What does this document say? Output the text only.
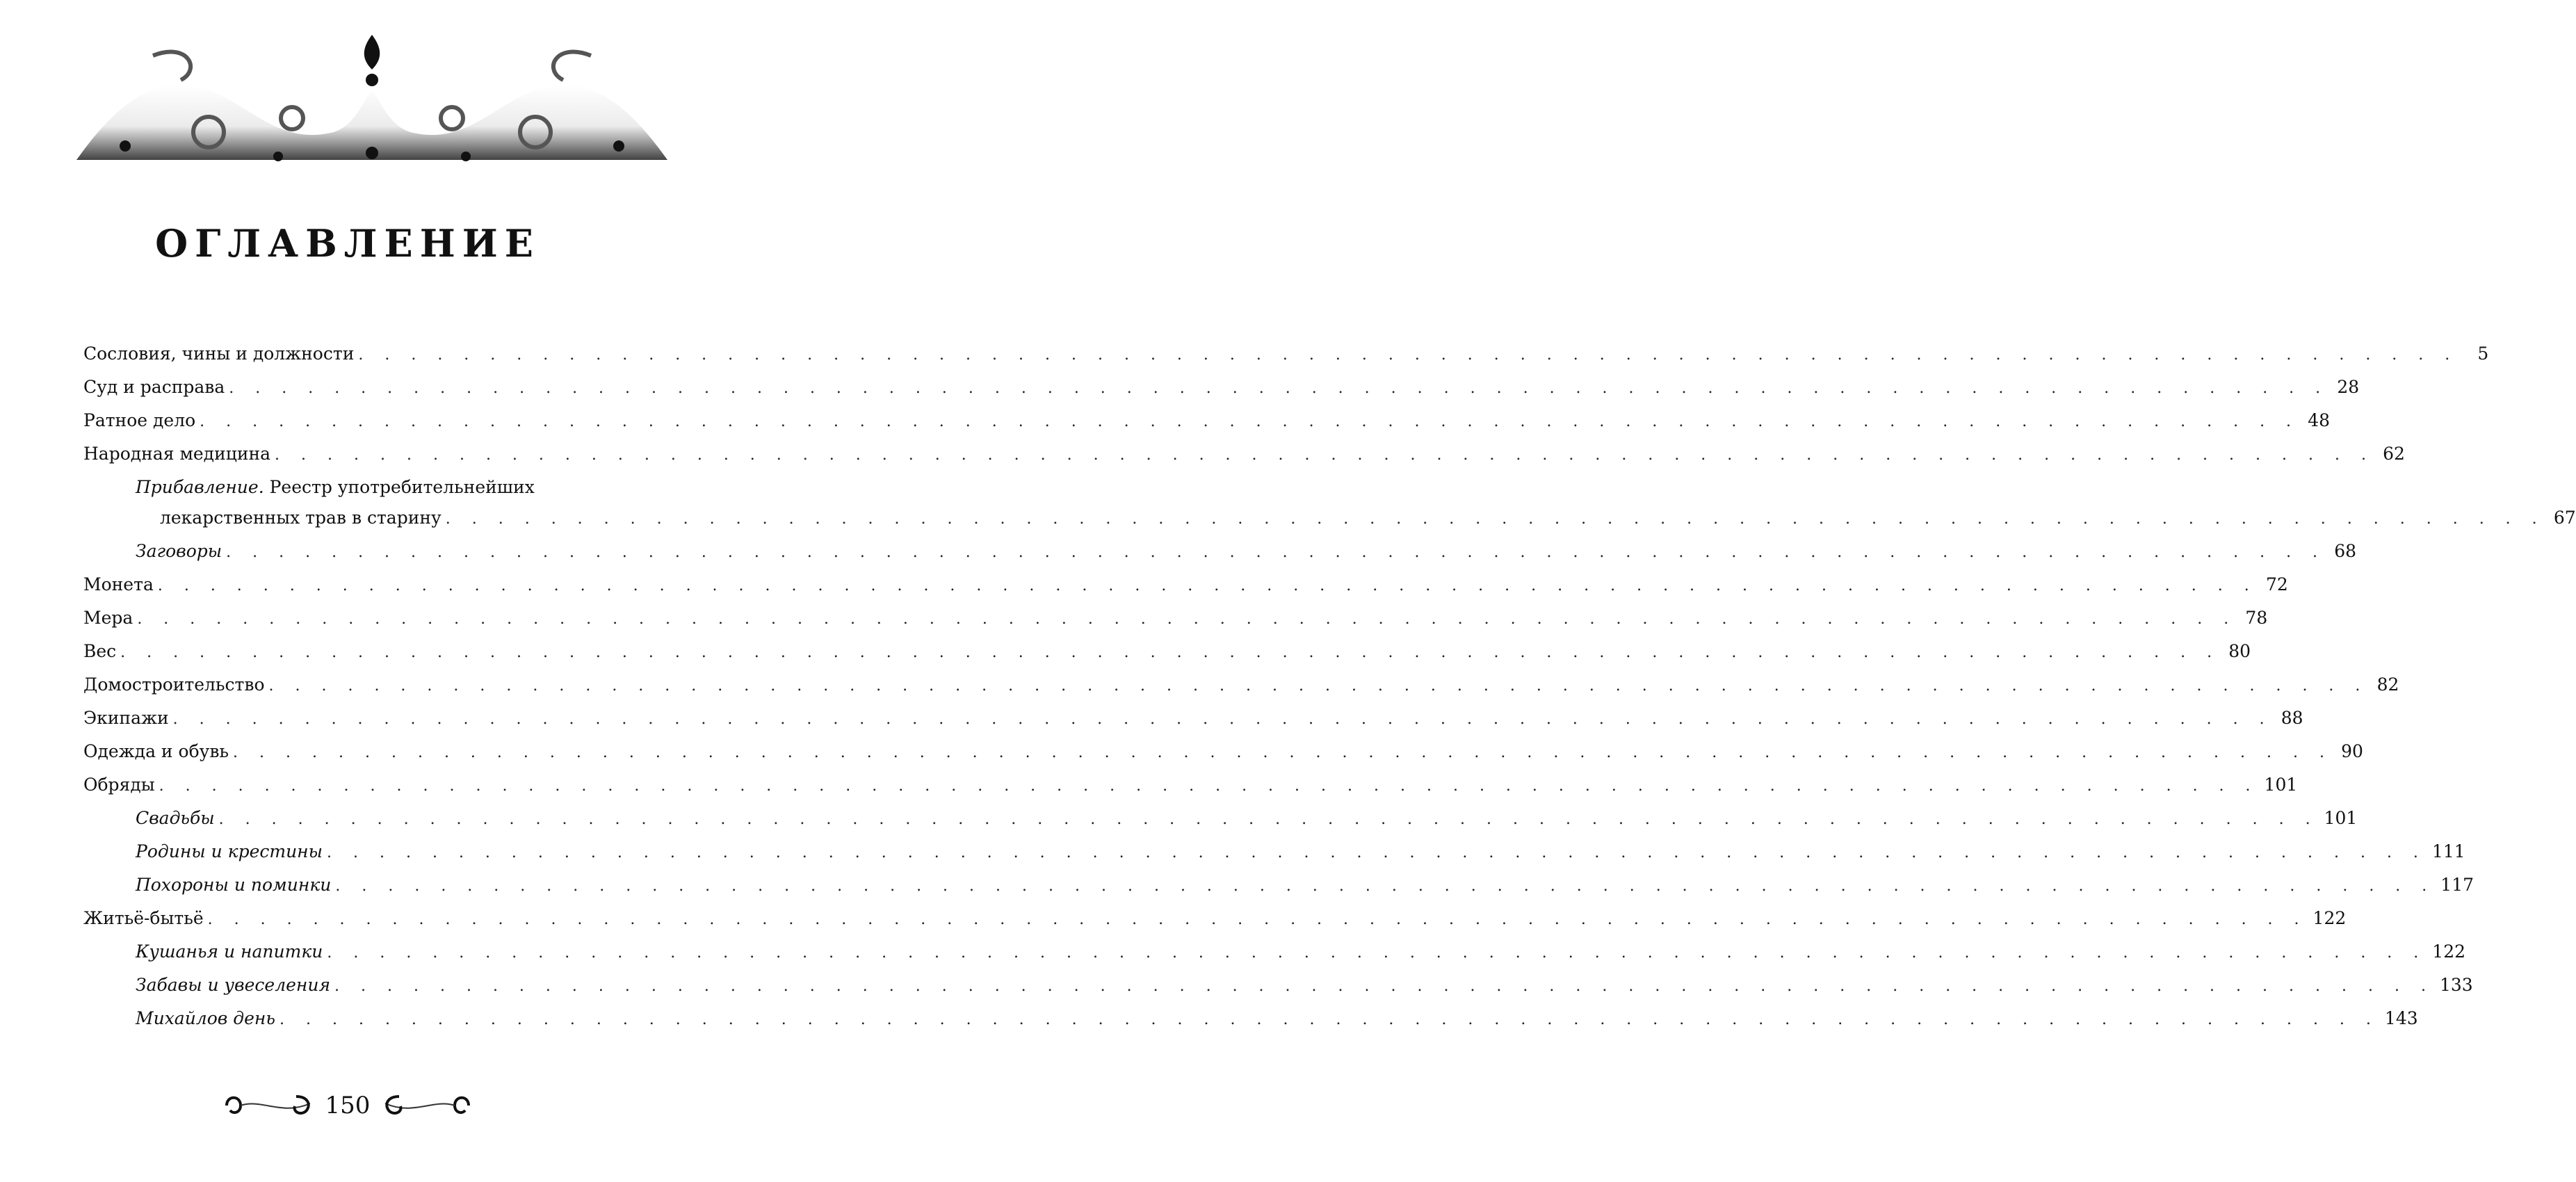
ОГЛАВЛЕНИЕ
Сословия, чины и должности . . . . . . . . . . . . . . . . . . . . . . . . . . . . . . . . . . . . . . . . . . . . . . . . . . . . . . . . . . . . . . . . . . . . . . . . . . . . . . . .	5
Суд и расправа . . . . . . . . . . . . . . . . . . . . . . . . . . . . . . . . . . . . . . . . . . . . . . . . . . . . . . . . . . . . . . . . . . . . . . . . . . . . . . . . 28
Ратное дело . . . . . . . . . . . . . . . . . . . . . . . . . . . . . . . . . . . . . . . . . . . . . . . . . . . . . . . . . . . . . . . . . . . . . . . . . . . . . . . . 48
Народная медицина . . . . . . . . . . . . . . . . . . . . . . . . . . . . . . . . . . . . . . . . . . . . . . . . . . . . . . . . . . . . . . . . . . . . . . . . . . . . . . . . 62
Прибавление. Реестр употребительнейших
лекарственных трав в старину . . . . . . . . . . . . . . . . . . . . . . . . . . . . . . . . . . . . . . . . . . . . . . . . . . . . . . . . . . . . . . . . . . . . . . . . . . . . . . . . 67
Заговоры . . . . . . . . . . . . . . . . . . . . . . . . . . . . . . . . . . . . . . . . . . . . . . . . . . . . . . . . . . . . . . . . . . . . . . . . . . . . . . . . 68
Монета . . . . . . . . . . . . . . . . . . . . . . . . . . . . . . . . . . . . . . . . . . . . . . . . . . . . . . . . . . . . . . . . . . . . . . . . . . . . . . . . 72
Мера . . . . . . . . . . . . . . . . . . . . . . . . . . . . . . . . . . . . . . . . . . . . . . . . . . . . . . . . . . . . . . . . . . . . . . . . . . . . . . . . 78
Вес . . . . . . . . . . . . . . . . . . . . . . . . . . . . . . . . . . . . . . . . . . . . . . . . . . . . . . . . . . . . . . . . . . . . . . . . . . . . . . . . 80
Домостроительство . . . . . . . . . . . . . . . . . . . . . . . . . . . . . . . . . . . . . . . . . . . . . . . . . . . . . . . . . . . . . . . . . . . . . . . . . . . . . . . . 82
Экипажи . . . . . . . . . . . . . . . . . . . . . . . . . . . . . . . . . . . . . . . . . . . . . . . . . . . . . . . . . . . . . . . . . . . . . . . . . . . . . . . . 88
Одежда и обувь . . . . . . . . . . . . . . . . . . . . . . . . . . . . . . . . . . . . . . . . . . . . . . . . . . . . . . . . . . . . . . . . . . . . . . . . . . . . . . . . 90
Обряды . . . . . . . . . . . . . . . . . . . . . . . . . . . . . . . . . . . . . . . . . . . . . . . . . . . . . . . . . . . . . . . . . . . . . . . . . . . . . . . . 101
Свадьбы . . . . . . . . . . . . . . . . . . . . . . . . . . . . . . . . . . . . . . . . . . . . . . . . . . . . . . . . . . . . . . . . . . . . . . . . . . . . . . . . 101
Родины и крестины . . . . . . . . . . . . . . . . . . . . . . . . . . . . . . . . . . . . . . . . . . . . . . . . . . . . . . . . . . . . . . . . . . . . . . . . . . . . . . . . 111
Похороны и поминки . . . . . . . . . . . . . . . . . . . . . . . . . . . . . . . . . . . . . . . . . . . . . . . . . . . . . . . . . . . . . . . . . . . . . . . . . . . . . . . . 117
Житьё-бытьё . . . . . . . . . . . . . . . . . . . . . . . . . . . . . . . . . . . . . . . . . . . . . . . . . . . . . . . . . . . . . . . . . . . . . . . . . . . . . . . . 122
Кушанья и напитки . . . . . . . . . . . . . . . . . . . . . . . . . . . . . . . . . . . . . . . . . . . . . . . . . . . . . . . . . . . . . . . . . . . . . . . . . . . . . . . . 122
Забавы и увеселения . . . . . . . . . . . . . . . . . . . . . . . . . . . . . . . . . . . . . . . . . . . . . . . . . . . . . . . . . . . . . . . . . . . . . . . . . . . . . . . . 133
Михайлов день . . . . . . . . . . . . . . . . . . . . . . . . . . . . . . . . . . . . . . . . . . . . . . . . . . . . . . . . . . . . . . . . . . . . . . . . . . . . . . . . 143
150
